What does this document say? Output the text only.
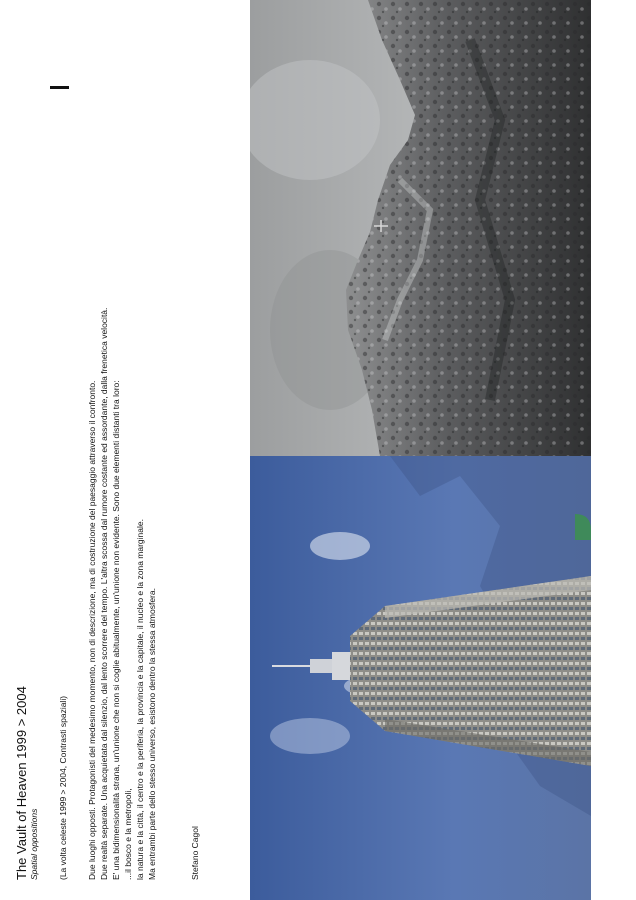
The Vault of Heaven 1999 > 2004 Spatial oppositions (La volta celeste 1999 > 2004, Contrasti spaziali) Due luoghi opposti. Protagonisti del medesimo momento, non di descrizione, ma di costruzione del paesaggio attraverso il confronto. Due realtà separate. Una acquietata dal silenzio, dal lento scorrere del tempo. L'altra scossa dal rumore costante ed assordante, dalla frenetica velocità. E' una bidimensionalità strana, un'unione che non si coglie abitualmente, un'unione non evidente. Sono due elementi distanti tra loro: ...il bosco e la metropoli, la natura e la città, il centro e la periferia, la provincia e la capitale, il nucleo e la zona marginale. Ma entrambi parte dello stesso universo, esistono dentro la stessa atmosfera.	Stefano Cagol
